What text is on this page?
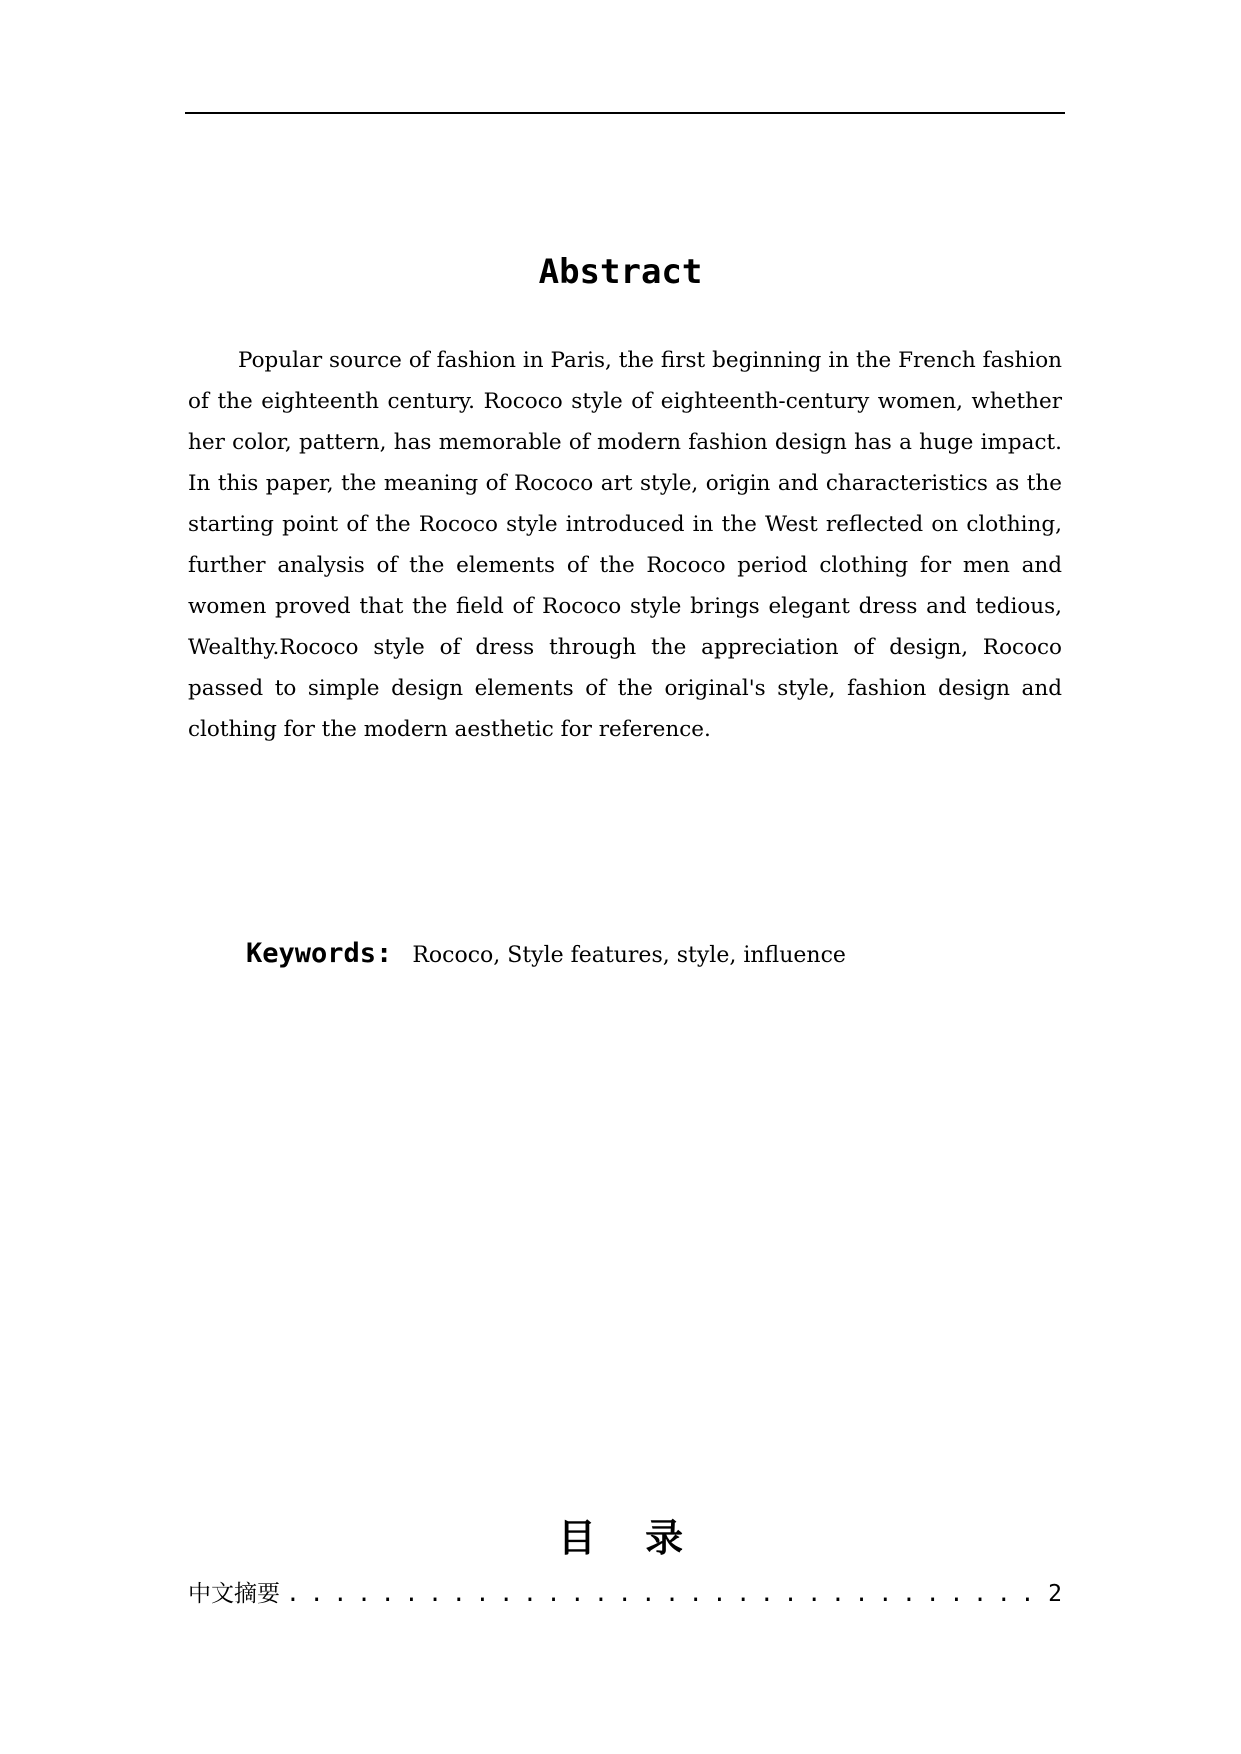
Abstract

Popular source of fashion in Paris, the first beginning in the French fashion of the eighteenth century. Rococo style of eighteenth-century women, whether her color, pattern, has memorable of modern fashion design has a huge impact. In this paper, the meaning of Rococo art style, origin and characteristics as the starting point of the Rococo style introduced in the West reflected on clothing, further analysis of the elements of the Rococo period clothing for men and women proved that the field of Rococo style brings elegant dress and tedious, Wealthy.Rococo style of dress through the appreciation of design, Rococo passed to simple design elements of the original's style, fashion design and clothing for the modern aesthetic for reference.

Keywords: Rococo, Style features, style, influence

目 录
中文摘要
. . .	2
